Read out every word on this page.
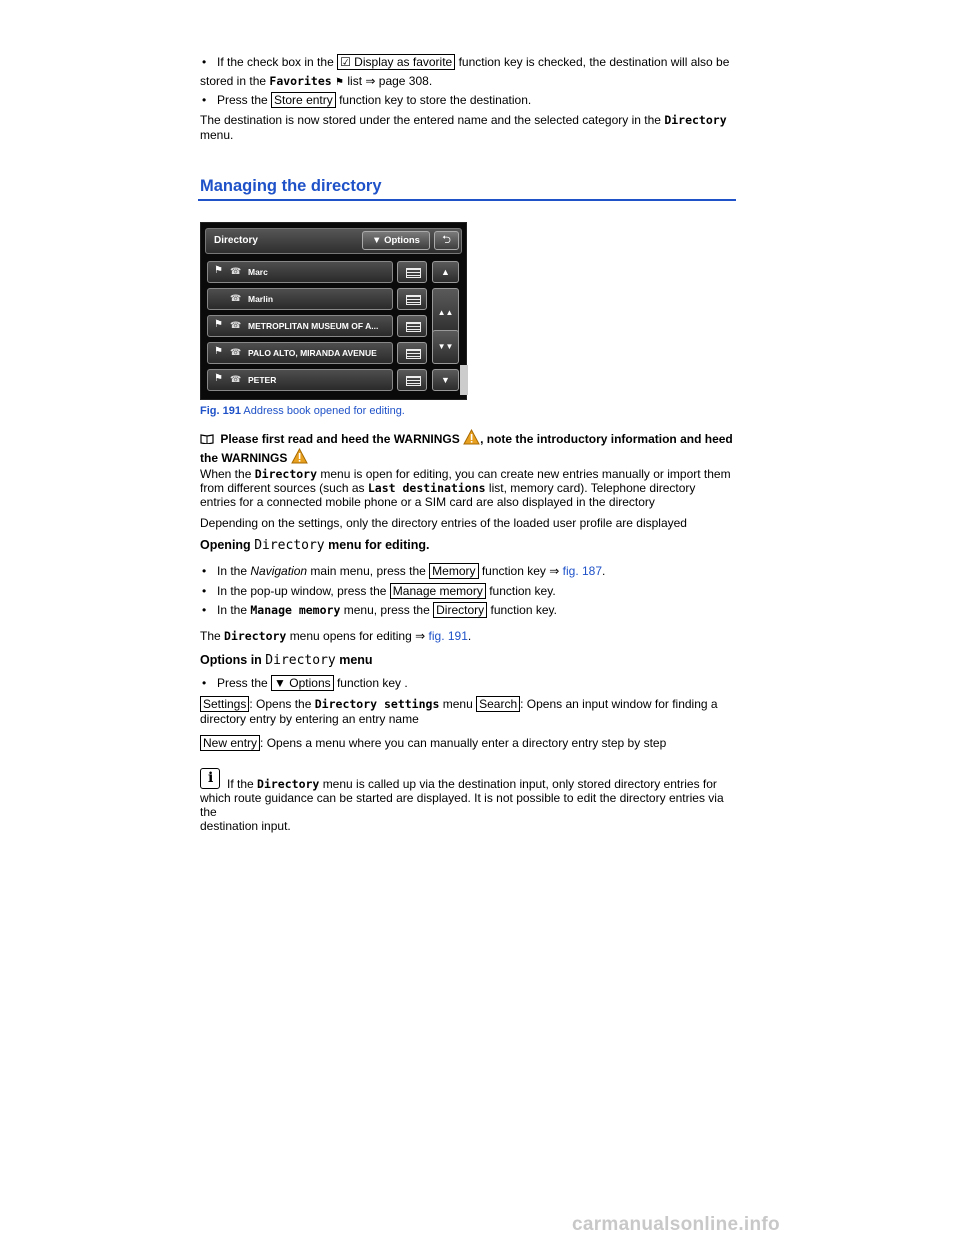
• If the check box in the ☑ Display as favorite function key is checked, the destination will also be
stored in the Favorites ⚑ list ⇒ page 308.
• Press the Store entry function key to store the destination.
The destination is now stored under the entered name and the selected category in the Directory
menu.
Managing the directory
Directory	▼ Options	⮌
⚑ ☎ Marc
☎ Marlin
⚑ ☎ METROPLITAN MUSEUM OF A...
⚑ ☎ PALO ALTO, MIRANDA AVENUE
⚑ ☎ PETER
▲
▲▲
▼▼
▼
Fig. 191 Address book opened for editing.
Please first read and heed the WARNINGS , note the introductory information and heed
the WARNINGS
When the Directory menu is open for editing, you can create new entries manually or import them
from different sources (such as Last destinations list, memory card). Telephone directory
entries for a connected mobile phone or a SIM card are also displayed in the directory
Depending on the settings, only the directory entries of the loaded user profile are displayed
Opening Directory menu for editing.
• In the Navigation main menu, press the Memory function key ⇒ fig. 187.
• In the pop-up window, press the Manage memory function key.
• In the Manage memory menu, press the Directory function key.
The Directory menu opens for editing ⇒ fig. 191.
Options in Directory menu
• Press the ▼ Options function key .
Settings : Opens the Directory settings menu Search : Opens an input window for finding a
directory entry by entering an entry name
New entry : Opens a menu where you can manually enter a directory entry step by step
i	If the Directory menu is called up via the destination input, only stored directory entries for
which route guidance can be started are displayed. It is not possible to edit the directory entries via the
destination input.
carmanualsonline.info
